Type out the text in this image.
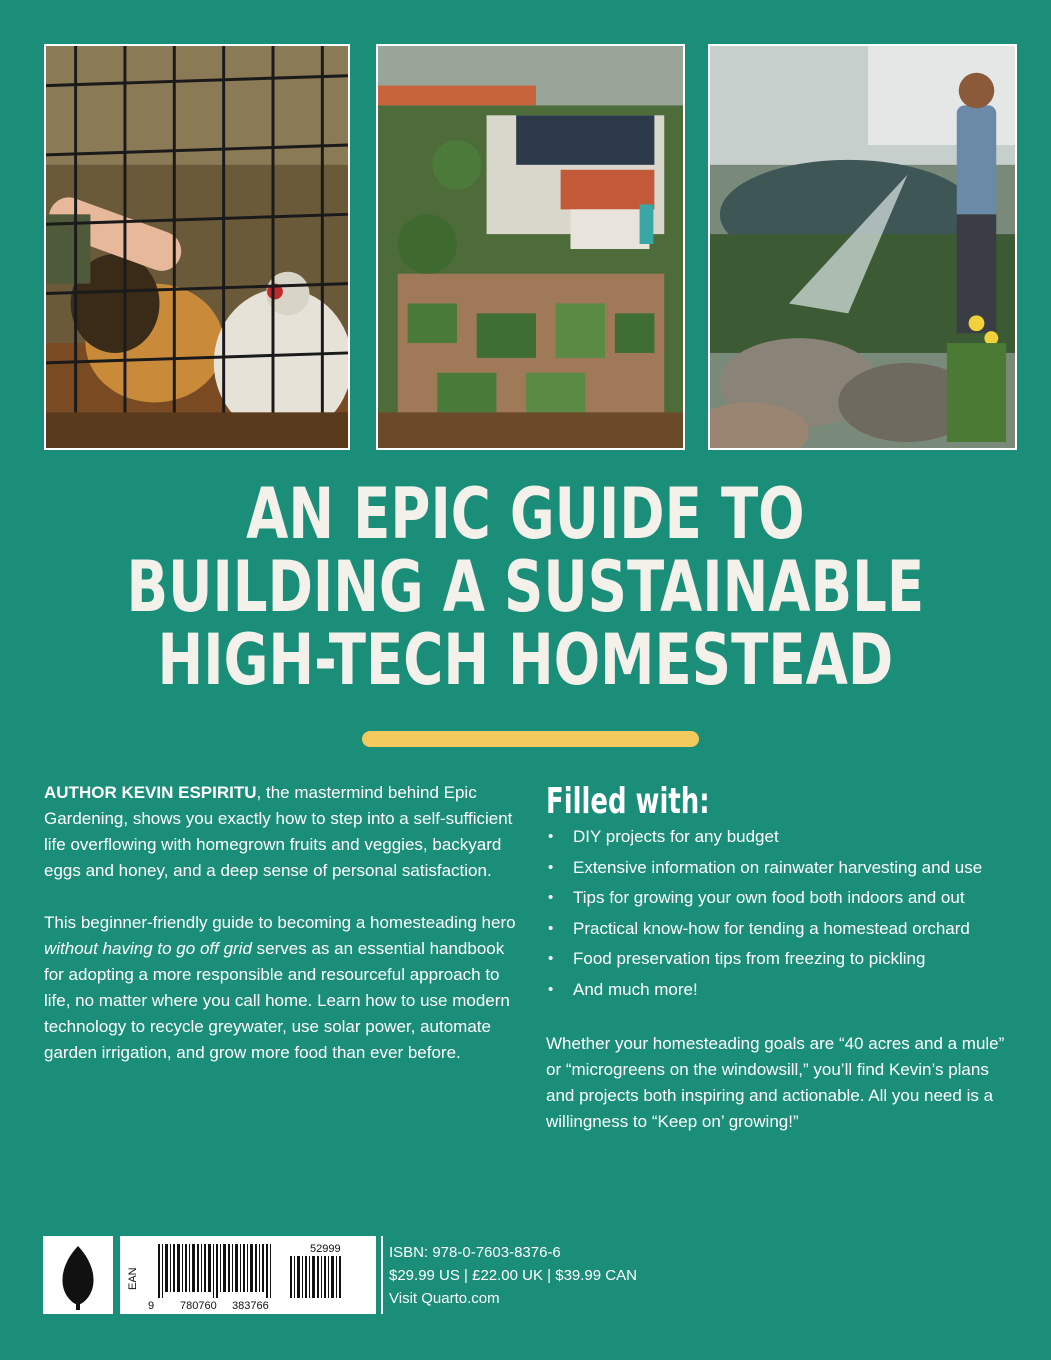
AN EPIC GUIDE TO
BUILDING A SUSTAINABLE
HIGH-TECH HOMESTEAD

AUTHOR KEVIN ESPIRITU, the mastermind behind Epic Gardening, shows you exactly how to step into a self-sufficient life overflowing with homegrown fruits and veggies, backyard eggs and honey, and a deep sense of personal satisfaction.

This beginner-friendly guide to becoming a homesteading hero without having to go off grid serves as an essential handbook for adopting a more responsible and resourceful approach to life, no matter where you call home. Learn how to use modern technology to recycle greywater, use solar power, automate garden irrigation, and grow more food than ever before.

Filled with:
• DIY projects for any budget
• Extensive information on rainwater harvesting and use
• Tips for growing your own food both indoors and out
• Practical know-how for tending a homestead orchard
• Food preservation tips from freezing to pickling
• And much more!

Whether your homesteading goals are “40 acres and a mule” or “microgreens on the windowsill,” you’ll find Kevin’s plans and projects both inspiring and actionable. All you need is a willingness to “Keep on’ growing!”

EAN
52999
9 780760 383766
ISBN: 978-0-7603-8376-6
$29.99 US | £22.00 UK | $39.99 CAN
Visit Quarto.com
